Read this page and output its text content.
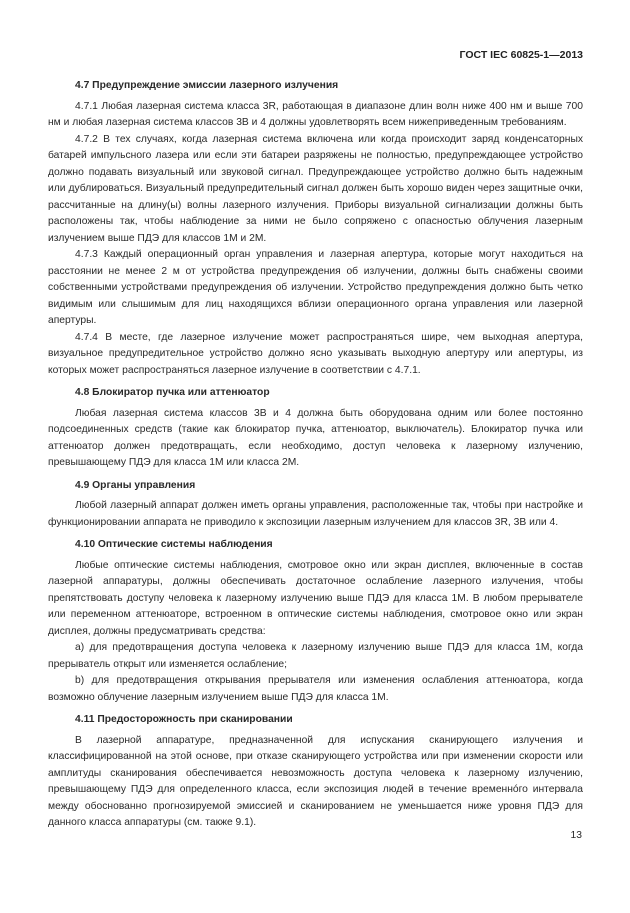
ГОСТ IEC 60825-1—2013
4.7 Предупреждение эмиссии лазерного излучения

4.7.1 Любая лазерная система класса 3R, работающая в диапазоне длин волн ниже 400 нм и выше 700 нм и любая лазерная система классов 3В и 4 должны удовлетворять всем нижеприведенным требованиям.

4.7.2 В тех случаях, когда лазерная система включена или когда происходит заряд конденсаторных батарей импульсного лазера или если эти батареи разряжены не полностью, предупреждающее устройство должно подавать визуальный или звуковой сигнал. Предупреждающее устройство должно быть надежным или дублироваться. Визуальный предупредительный сигнал должен быть хорошо виден через защитные очки, рассчитанные на длину(ы) волны лазерного излучения. Приборы визуальной сигнализации должны быть расположены так, чтобы наблюдение за ними не было сопряжено с опасностью облучения лазерным излучением выше ПДЭ для классов 1М и 2М.

4.7.3 Каждый операционный орган управления и лазерная апертура, которые могут находиться на расстоянии не менее 2 м от устройства предупреждения об излучении, должны быть снабжены своими собственными устройствами предупреждения об излучении. Устройство предупреждения должно быть четко видимым или слышимым для лиц находящихся вблизи операционного органа управления или лазерной апертуры.

4.7.4 В месте, где лазерное излучение может распространяться шире, чем выходная апертура, визуальное предупредительное устройство должно ясно указывать выходную апертуру или апертуры, из которых может распространяться лазерное излучение в соответствии с 4.7.1.

4.8 Блокиратор пучка или аттенюатор

Любая лазерная система классов 3В и 4 должна быть оборудована одним или более постоянно подсоединенных средств (такие как блокиратор пучка, аттенюатор, выключатель). Блокиратор пучка или аттенюатор должен предотвращать, если необходимо, доступ человека к лазерному излучению, превышающему ПДЭ для класса 1М или класса 2М.

4.9 Органы управления

Любой лазерный аппарат должен иметь органы управления, расположенные так, чтобы при настройке и функционировании аппарата не приводило к экспозиции лазерным излучением для классов 3R, 3В или 4.

4.10 Оптические системы наблюдения

Любые оптические системы наблюдения, смотровое окно или экран дисплея, включенные в состав лазерной аппаратуры, должны обеспечивать достаточное ослабление лазерного излучения, чтобы препятствовать доступу человека к лазерному излучению выше ПДЭ для класса 1М. В любом прерывателе или переменном аттенюаторе, встроенном в оптические системы наблюдения, смотровое окно или экран дисплея, должны предусматривать средства:

а) для предотвращения доступа человека к лазерному излучению выше ПДЭ для класса 1М, когда прерыватель открыт или изменяется ослабление;

b) для предотвращения открывания прерывателя или изменения ослабления аттенюатора, когда возможно облучение лазерным излучением выше ПДЭ для класса 1М.

4.11 Предосторожность при сканировании

В лазерной аппаратуре, предназначенной для испускания сканирующего излучения и классифицированной на этой основе, при отказе сканирующего устройства или при изменении скорости или амплитуды сканирования обеспечивается невозможность доступа человека к лазерному излучению, превышающему ПДЭ для определенного класса, если экспозиция людей в течение временнóго интервала между обоснованно прогнозируемой эмиссией и сканированием не уменьшается ниже уровня ПДЭ для данного класса аппаратуры (см. также 9.1).

13
